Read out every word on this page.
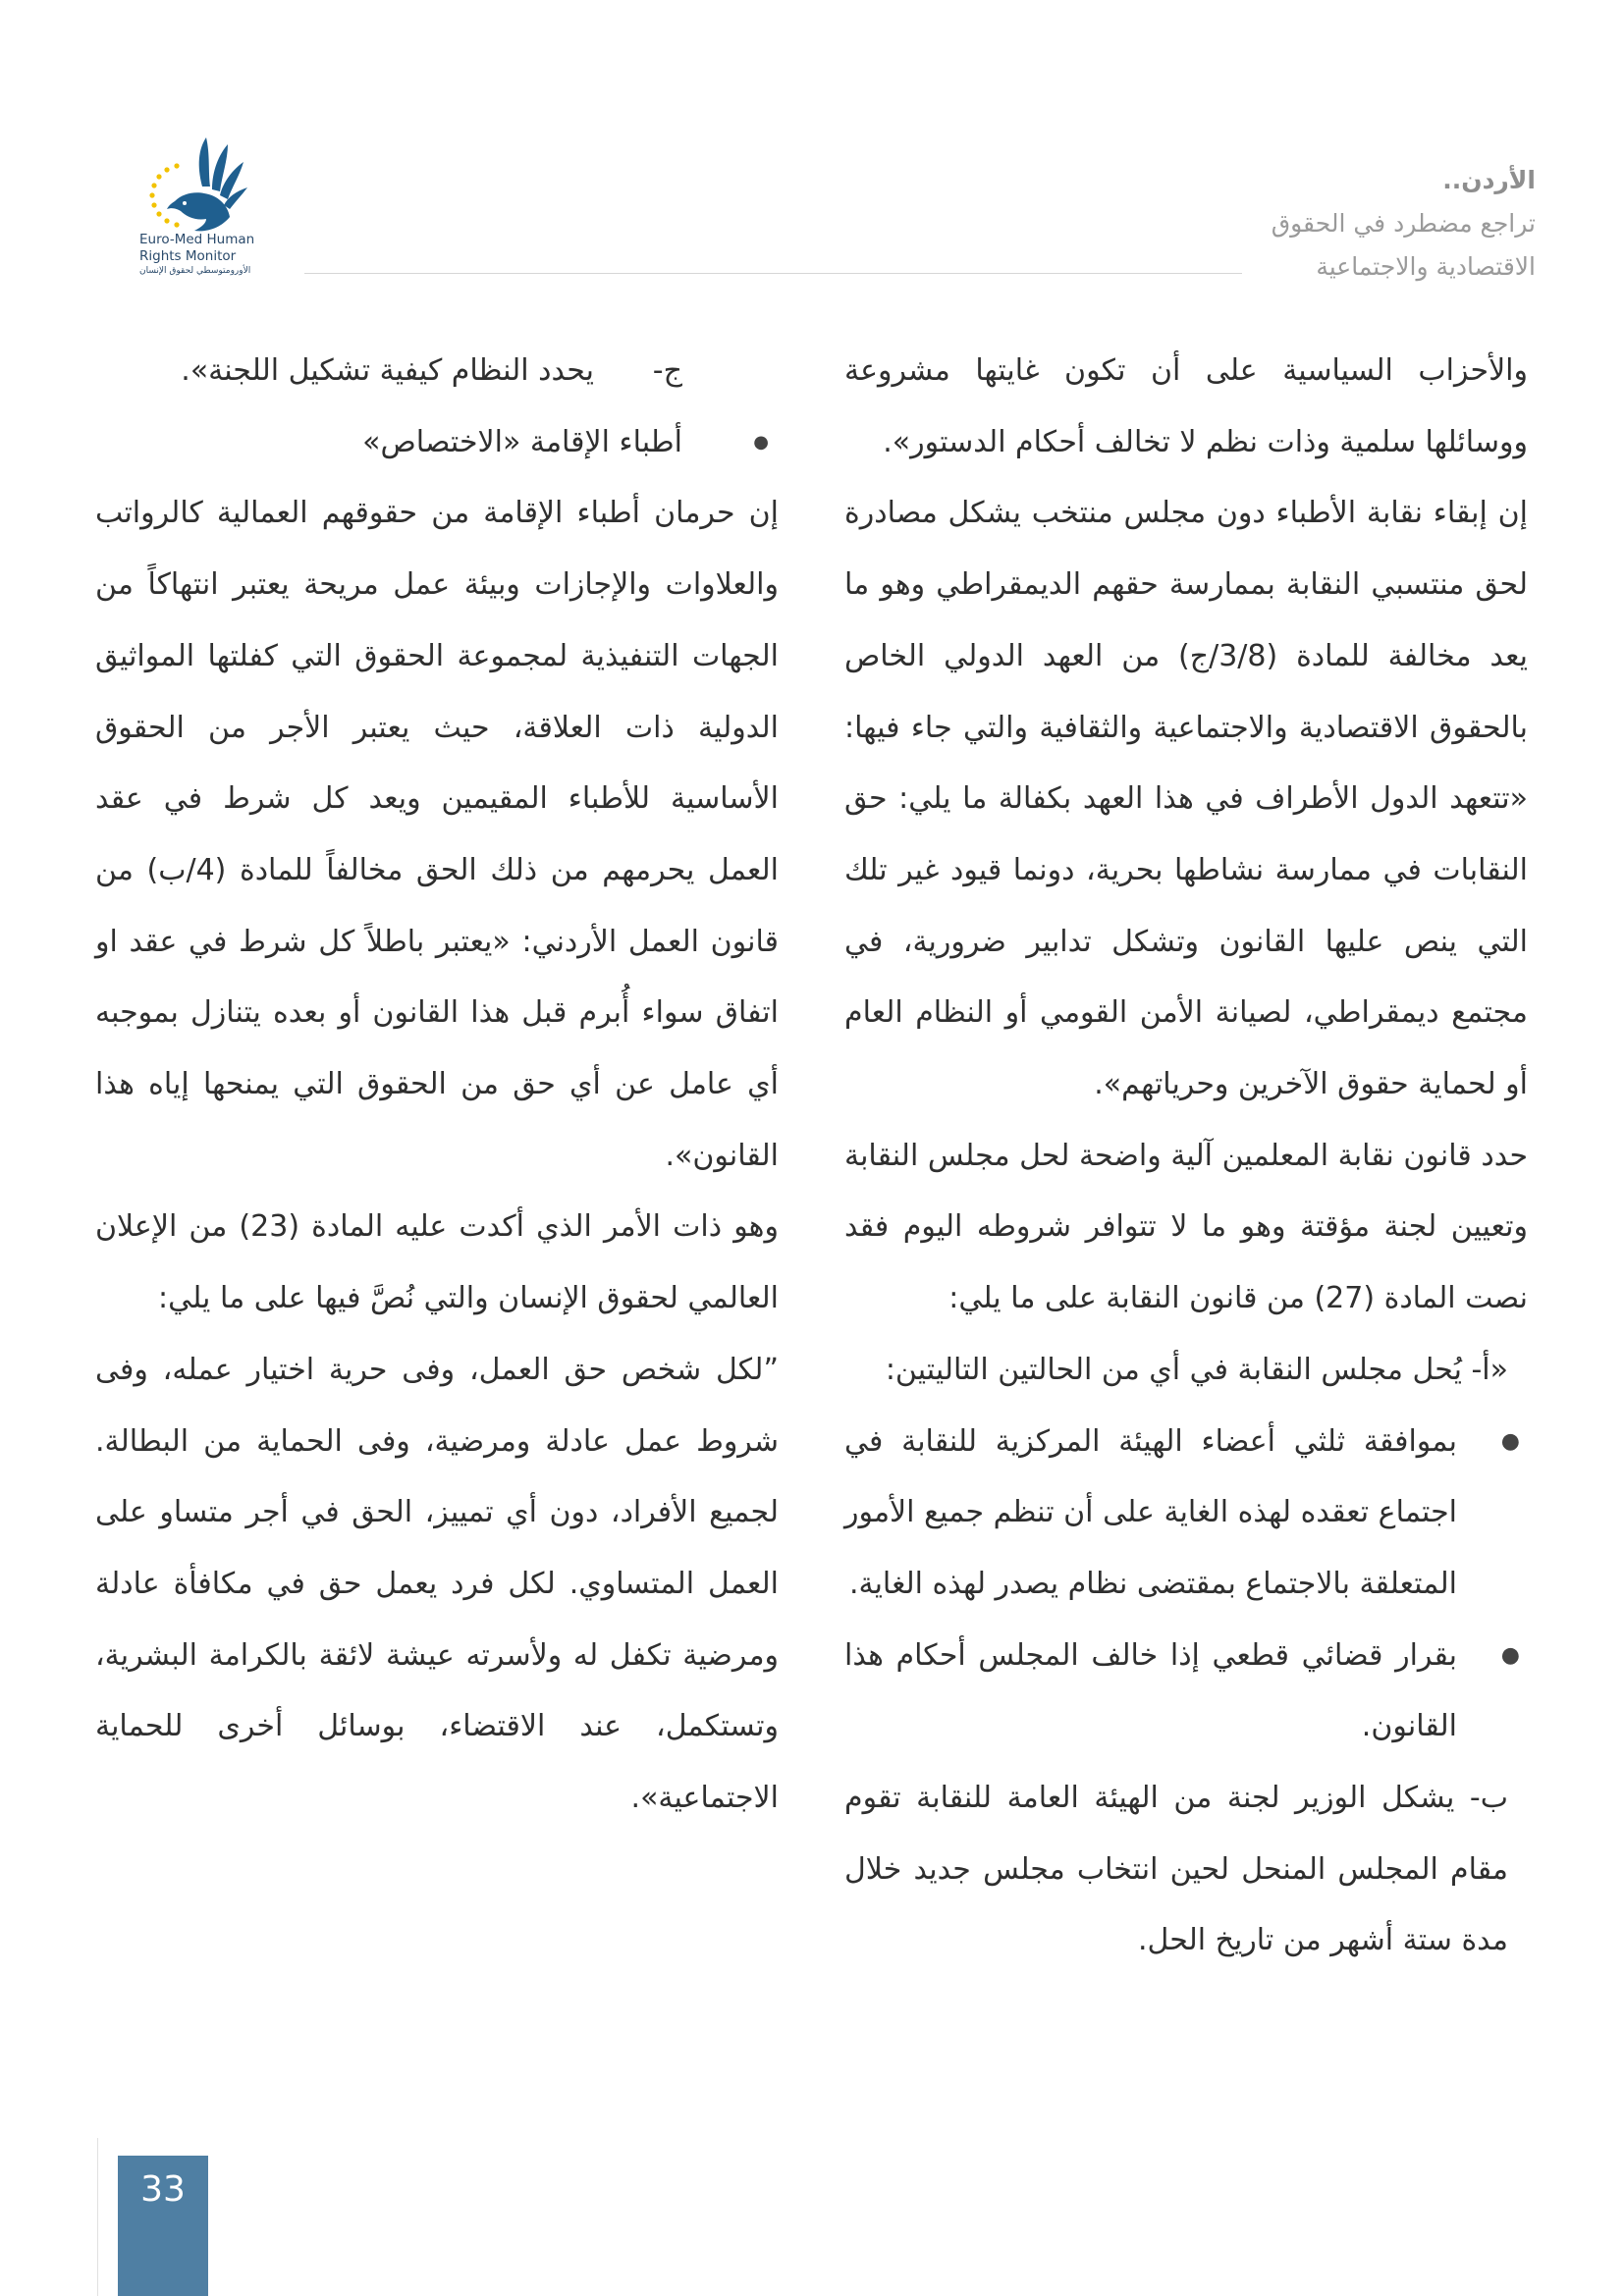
الأردن..
تراجع مضطرد في الحقوق
الاقتصادية والاجتماعية
Euro-Med Human
Rights Monitor
الأورومتوسطي لحقوق الإنسان

والأحزاب السياسية على أن تكون غايتها مشروعة ووسائلها سلمية وذات نظم لا تخالف أحكام الدستور».

إن إبقاء نقابة الأطباء دون مجلس منتخب يشكل مصادرة لحق منتسبي النقابة بممارسة حقهم الديمقراطي وهو ما يعد مخالفة للمادة (3/8/ج) من العهد الدولي الخاص بالحقوق الاقتصادية والاجتماعية والثقافية والتي جاء فيها: «تتعهد الدول الأطراف في هذا العهد بكفالة ما يلي: حق النقابات في ممارسة نشاطها بحرية، دونما قيود غير تلك التي ينص عليها القانون وتشكل تدابير ضرورية، في مجتمع ديمقراطي، لصيانة الأمن القومي أو النظام العام أو لحماية حقوق الآخرين وحرياتهم».

حدد قانون نقابة المعلمين آلية واضحة لحل مجلس النقابة وتعيين لجنة مؤقتة وهو ما لا تتوافر شروطه اليوم فقد نصت المادة (27) من قانون النقابة على ما يلي:

«أ- يُحل مجلس النقابة في أي من الحالتين التاليتين:

●
بموافقة ثلثي أعضاء الهيئة المركزية للنقابة في اجتماع تعقده لهذه الغاية على أن تنظم جميع الأمور المتعلقة بالاجتماع بمقتضى نظام يصدر لهذه الغاية.
●
بقرار قضائي قطعي إذا خالف المجلس أحكام هذا القانون.

ب- يشكل الوزير لجنة من الهيئة العامة للنقابة تقوم مقام المجلس المنحل لحين انتخاب مجلس جديد خلال مدة ستة أشهر من تاريخ الحل.

ج-
يحدد النظام كيفية تشكيل اللجنة».
●
أطباء الإقامة «الاختصاص»

إن حرمان أطباء الإقامة من حقوقهم العمالية كالرواتب والعلاوات والإجازات وبيئة عمل مريحة يعتبر انتهاكاً من الجهات التنفيذية لمجموعة الحقوق التي كفلتها المواثيق الدولية ذات العلاقة، حيث يعتبر الأجر من الحقوق الأساسية للأطباء المقيمين ويعد كل شرط في عقد العمل يحرمهم من ذلك الحق مخالفاً للمادة (4/ب) من قانون العمل الأردني: «يعتبر باطلاً كل شرط في عقد او اتفاق سواء أُبرم قبل هذا القانون أو بعده يتنازل بموجبه أي عامل عن أي حق من الحقوق التي يمنحها إياه هذا القانون».

وهو ذات الأمر الذي أكدت عليه المادة (23) من الإعلان العالمي لحقوق الإنسان والتي نُصَّ فيها على ما يلي:

”لكل شخص حق العمل، وفى حرية اختيار عمله، وفى شروط عمل عادلة ومرضية، وفى الحماية من البطالة. لجميع الأفراد، دون أي تمييز، الحق في أجر متساو على العمل المتساوي. لكل فرد يعمل حق في مكافأة عادلة ومرضية تكفل له ولأسرته عيشة لائقة بالكرامة البشرية، وتستكمل، عند الاقتضاء، بوسائل أخرى للحماية الاجتماعية».

33
